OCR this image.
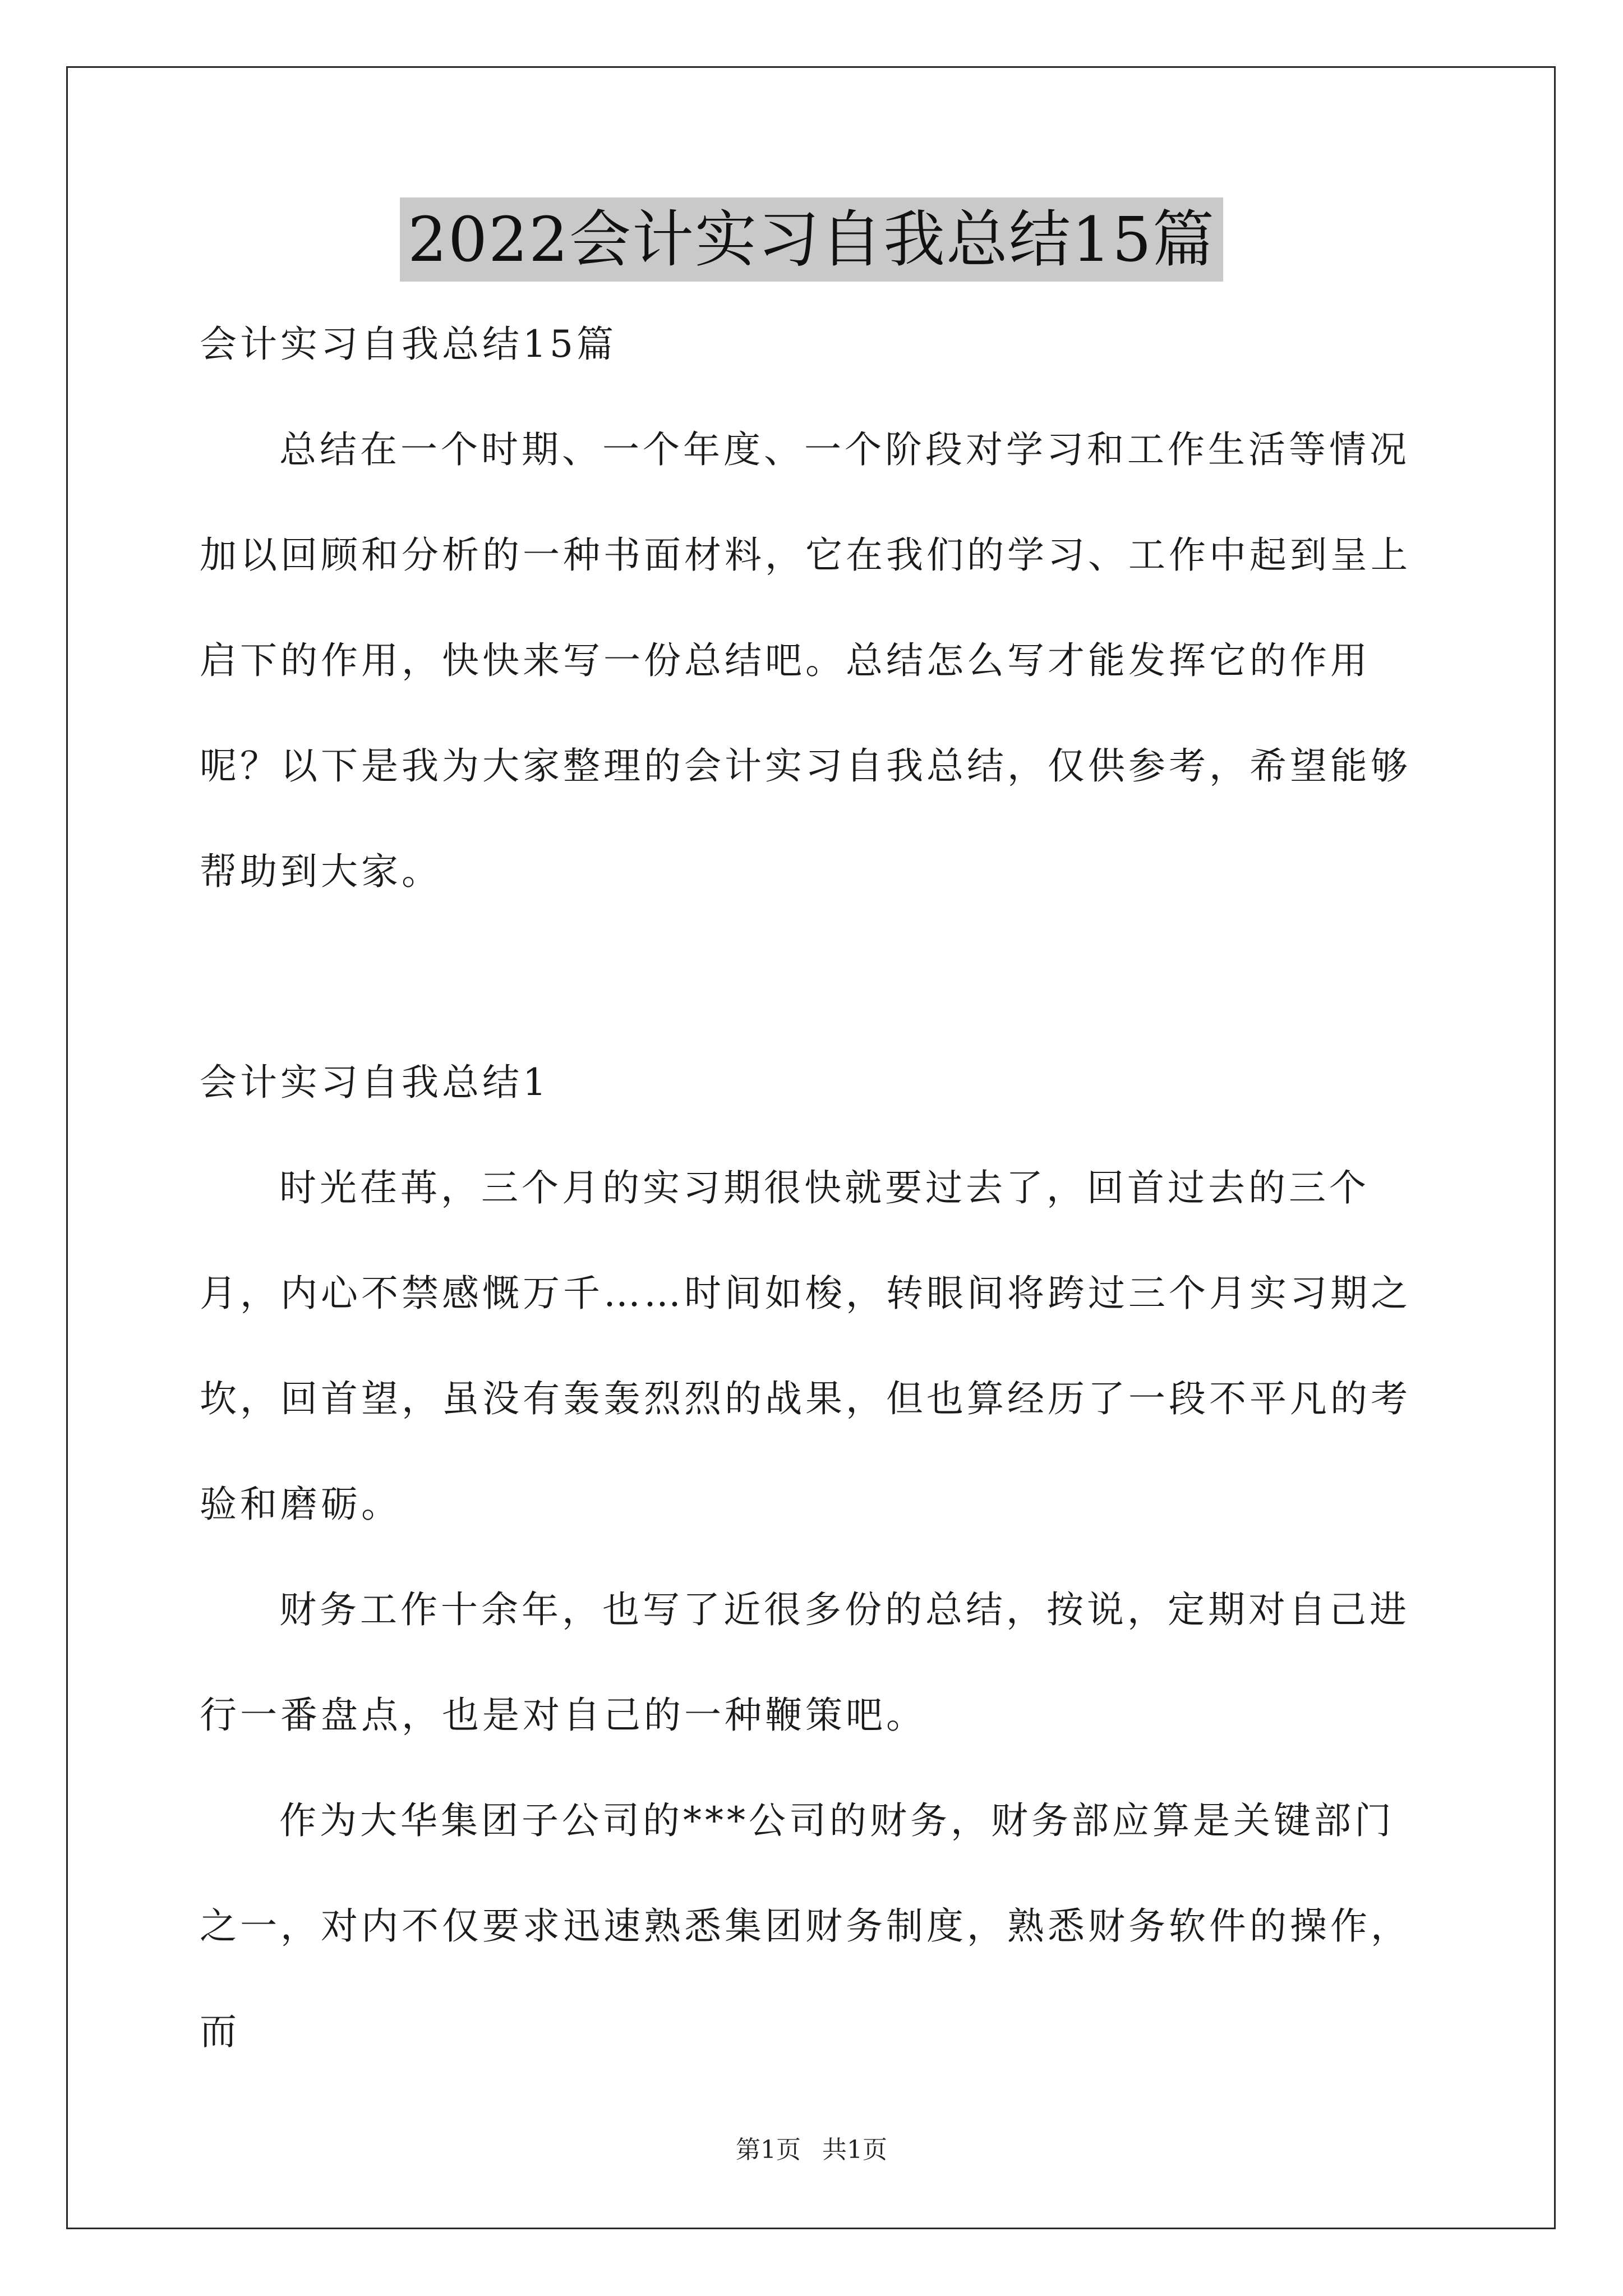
2022会计实习自我总结15篇

会计实习自我总结15篇

总结在一个时期、一个年度、一个阶段对学习和工作生活等情况加以回顾和分析的一种书面材料，它在我们的学习、工作中起到呈上启下的作用，快快来写一份总结吧。总结怎么写才能发挥它的作用呢？以下是我为大家整理的会计实习自我总结，仅供参考，希望能够帮助到大家。

会计实习自我总结1

时光荏苒，三个月的实习期很快就要过去了，回首过去的三个月，内心不禁感慨万千……时间如梭，转眼间将跨过三个月实习期之坎，回首望，虽没有轰轰烈烈的战果，但也算经历了一段不平凡的考验和磨砺。

财务工作十余年，也写了近很多份的总结，按说，定期对自己进行一番盘点，也是对自己的一种鞭策吧。

作为大华集团子公司的***公司的财务，财务部应算是关键部门之一，对内不仅要求迅速熟悉集团财务制度，熟悉财务软件的操作，而

第1页 共1页
